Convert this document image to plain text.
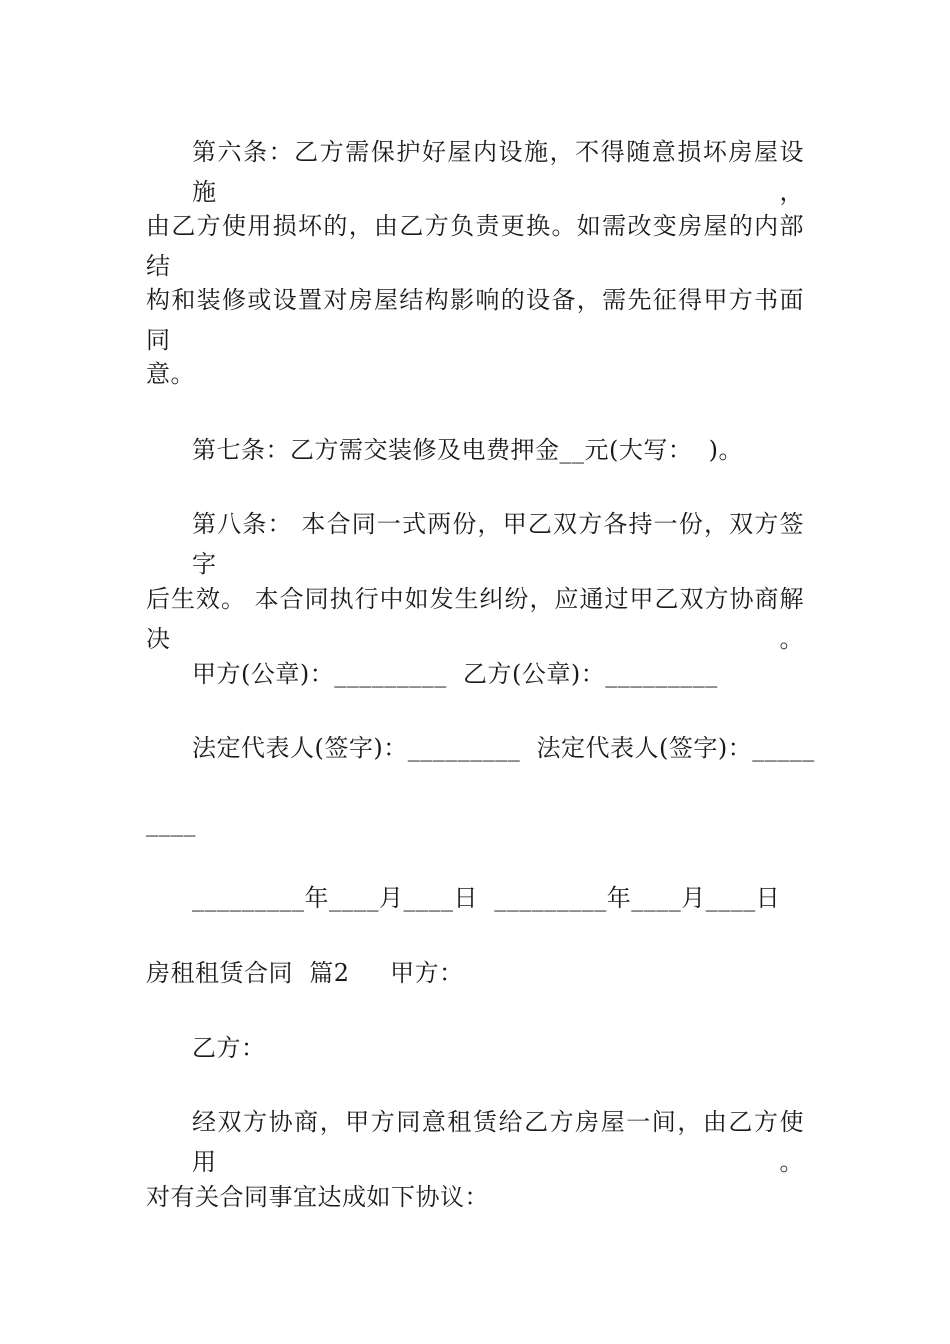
第六条：乙方需保护好屋内设施，不得随意损坏房屋设施，
由乙方使用损坏的，由乙方负责更换。如需改变房屋的内部结
构和装修或设置对房屋结构影响的设备，需先征得甲方书面同
意。
第七条：乙方需交装修及电费押金__元(大写：  )。
第八条： 本合同一式两份，甲乙双方各持一份，双方签字
后生效。 本合同执行中如发生纠纷，应通过甲乙双方协商解决。
甲方(公章)：_________  乙方(公章)：_________
法定代表人(签字)：_________  法定代表人(签字)：_____
____
_________年____月____日  _________年____月____日
房租租赁合同  篇2     甲方：
乙方：
经双方协商，甲方同意租赁给乙方房屋一间，由乙方使用。
对有关合同事宜达成如下协议：
